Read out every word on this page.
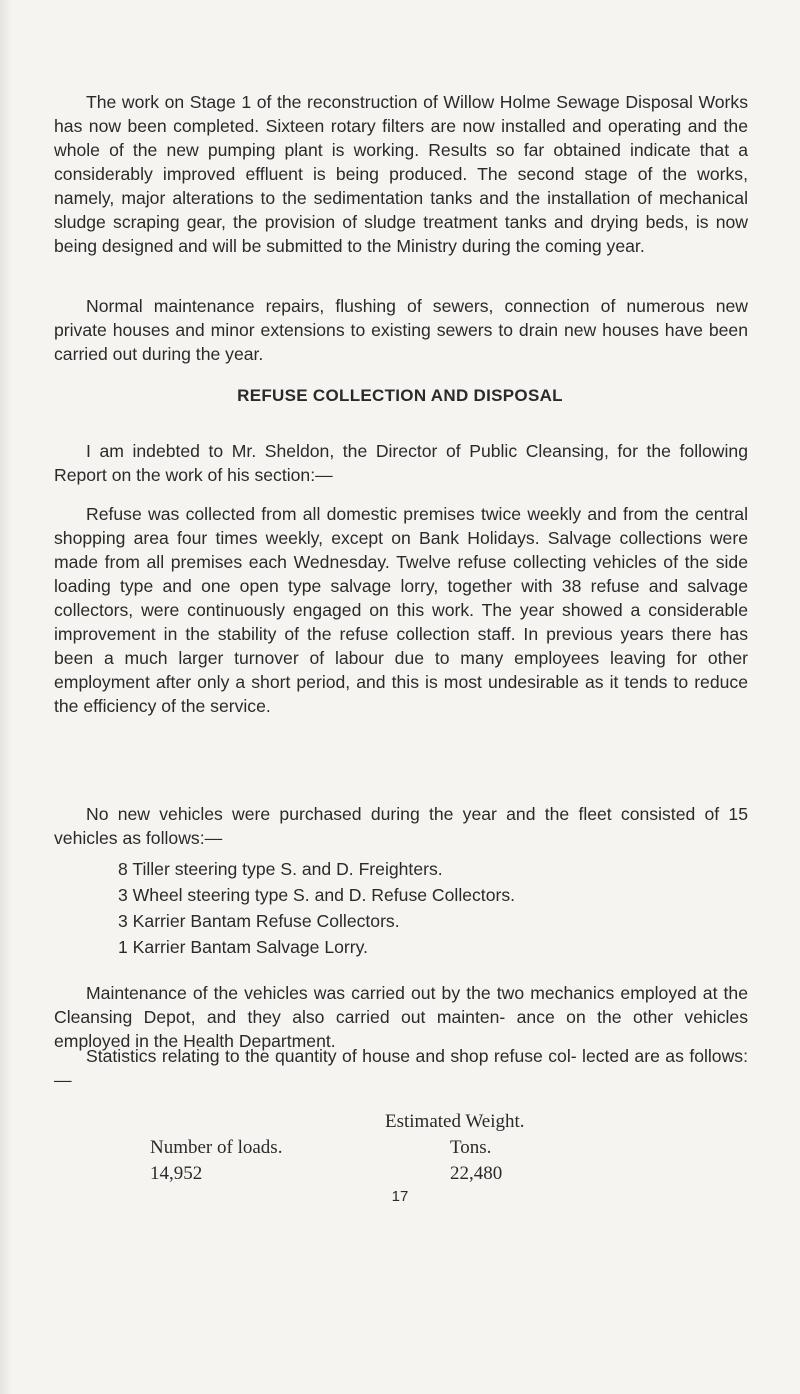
The work on Stage 1 of the reconstruction of Willow Holme Sewage Disposal Works has now been completed. Sixteen rotary filters are now installed and operating and the whole of the new pumping plant is working. Results so far obtained indicate that a considerably improved effluent is being produced. The second stage of the works, namely, major alterations to the sedimentation tanks and the installation of mechanical sludge scraping gear, the provision of sludge treatment tanks and drying beds, is now being designed and will be submitted to the Ministry during the coming year.

Normal maintenance repairs, flushing of sewers, connection of numerous new private houses and minor extensions to existing sewers to drain new houses have been carried out during the year.

REFUSE COLLECTION AND DISPOSAL

I am indebted to Mr. Sheldon, the Director of Public Cleansing, for the following Report on the work of his section:—

Refuse was collected from all domestic premises twice weekly and from the central shopping area four times weekly, except on Bank Holidays. Salvage collections were made from all premises each Wednesday. Twelve refuse collecting vehicles of the side loading type and one open type salvage lorry, together with 38 refuse and salvage collectors, were continuously engaged on this work. The year showed a considerable improvement in the stability of the refuse collection staff. In previous years there has been a much larger turnover of labour due to many employees leaving for other employment after only a short period, and this is most undesirable as it tends to reduce the efficiency of the service.

No new vehicles were purchased during the year and the fleet consisted of 15 vehicles as follows:—

8 Tiller steering type S. and D. Freighters.
3 Wheel steering type S. and D. Refuse Collectors.
3 Karrier Bantam Refuse Collectors.
1 Karrier Bantam Salvage Lorry.

Maintenance of the vehicles was carried out by the two mechanics employed at the Cleansing Depot, and they also carried out mainten- ance on the other vehicles employed in the Health Department.

Statistics relating to the quantity of house and shop refuse col- lected are as follows:—

Estimated Weight.
Number of loads.	Tons.
14,952	22,480

17
